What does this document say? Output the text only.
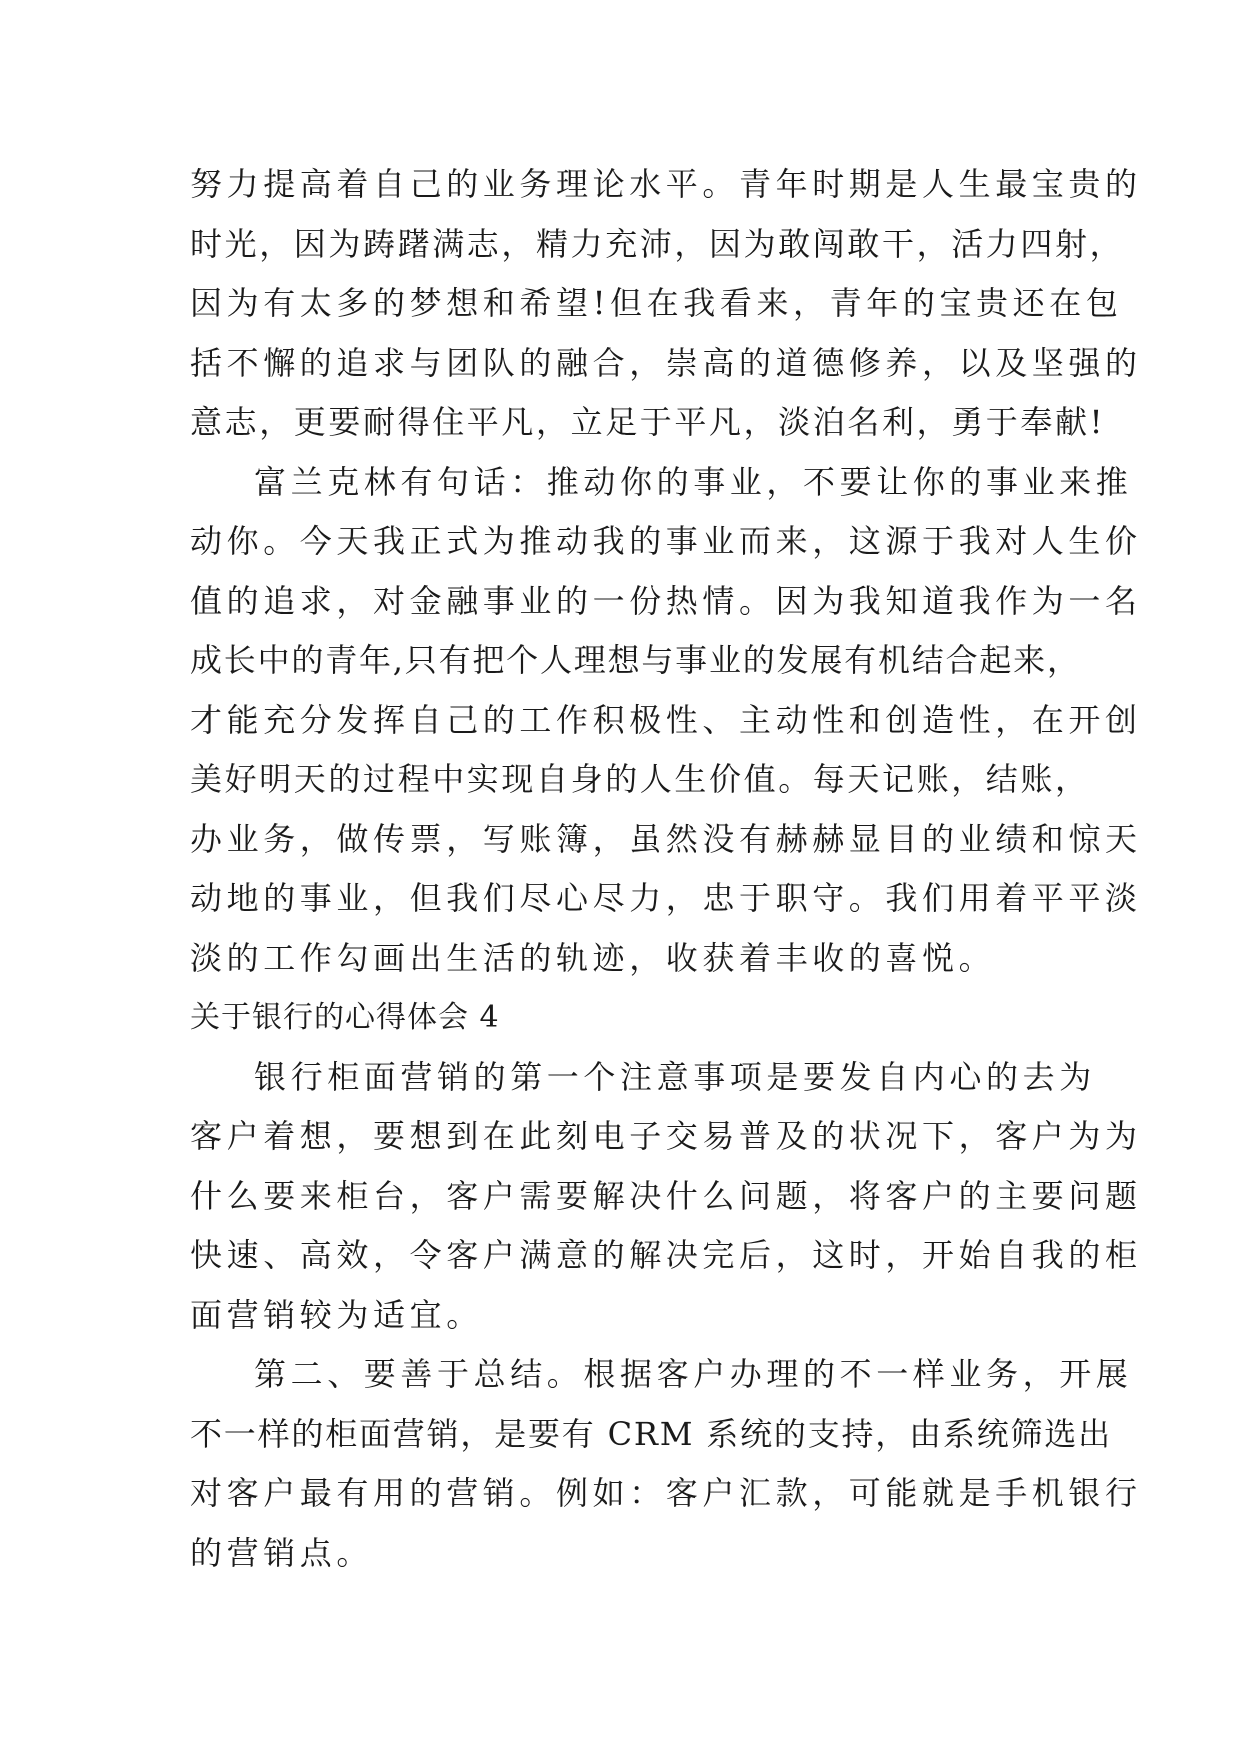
努力提高着自己的业务理论水平。青年时期是人生最宝贵的
时光，因为踌躇满志，精力充沛，因为敢闯敢干，活力四射，
因为有太多的梦想和希望!但在我看来，青年的宝贵还在包
括不懈的追求与团队的融合，崇高的道德修养，以及坚强的
意志，更要耐得住平凡，立足于平凡，淡泊名利，勇于奉献!
富兰克林有句话：推动你的事业，不要让你的事业来推
动你。今天我正式为推动我的事业而来，这源于我对人生价
值的追求，对金融事业的一份热情。因为我知道我作为一名
成长中的青年,只有把个人理想与事业的发展有机结合起来，
才能充分发挥自己的工作积极性、主动性和创造性，在开创
美好明天的过程中实现自身的人生价值。每天记账，结账，
办业务，做传票，写账簿，虽然没有赫赫显目的业绩和惊天
动地的事业，但我们尽心尽力，忠于职守。我们用着平平淡
淡的工作勾画出生活的轨迹，收获着丰收的喜悦。
关于银行的心得体会 4
银行柜面营销的第一个注意事项是要发自内心的去为
客户着想，要想到在此刻电子交易普及的状况下，客户为为
什么要来柜台，客户需要解决什么问题，将客户的主要问题
快速、高效，令客户满意的解决完后，这时，开始自我的柜
面营销较为适宜。
第二、要善于总结。根据客户办理的不一样业务，开展
不一样的柜面营销，是要有 CRM 系统的支持，由系统筛选出
对客户最有用的营销。例如：客户汇款，可能就是手机银行
的营销点。
